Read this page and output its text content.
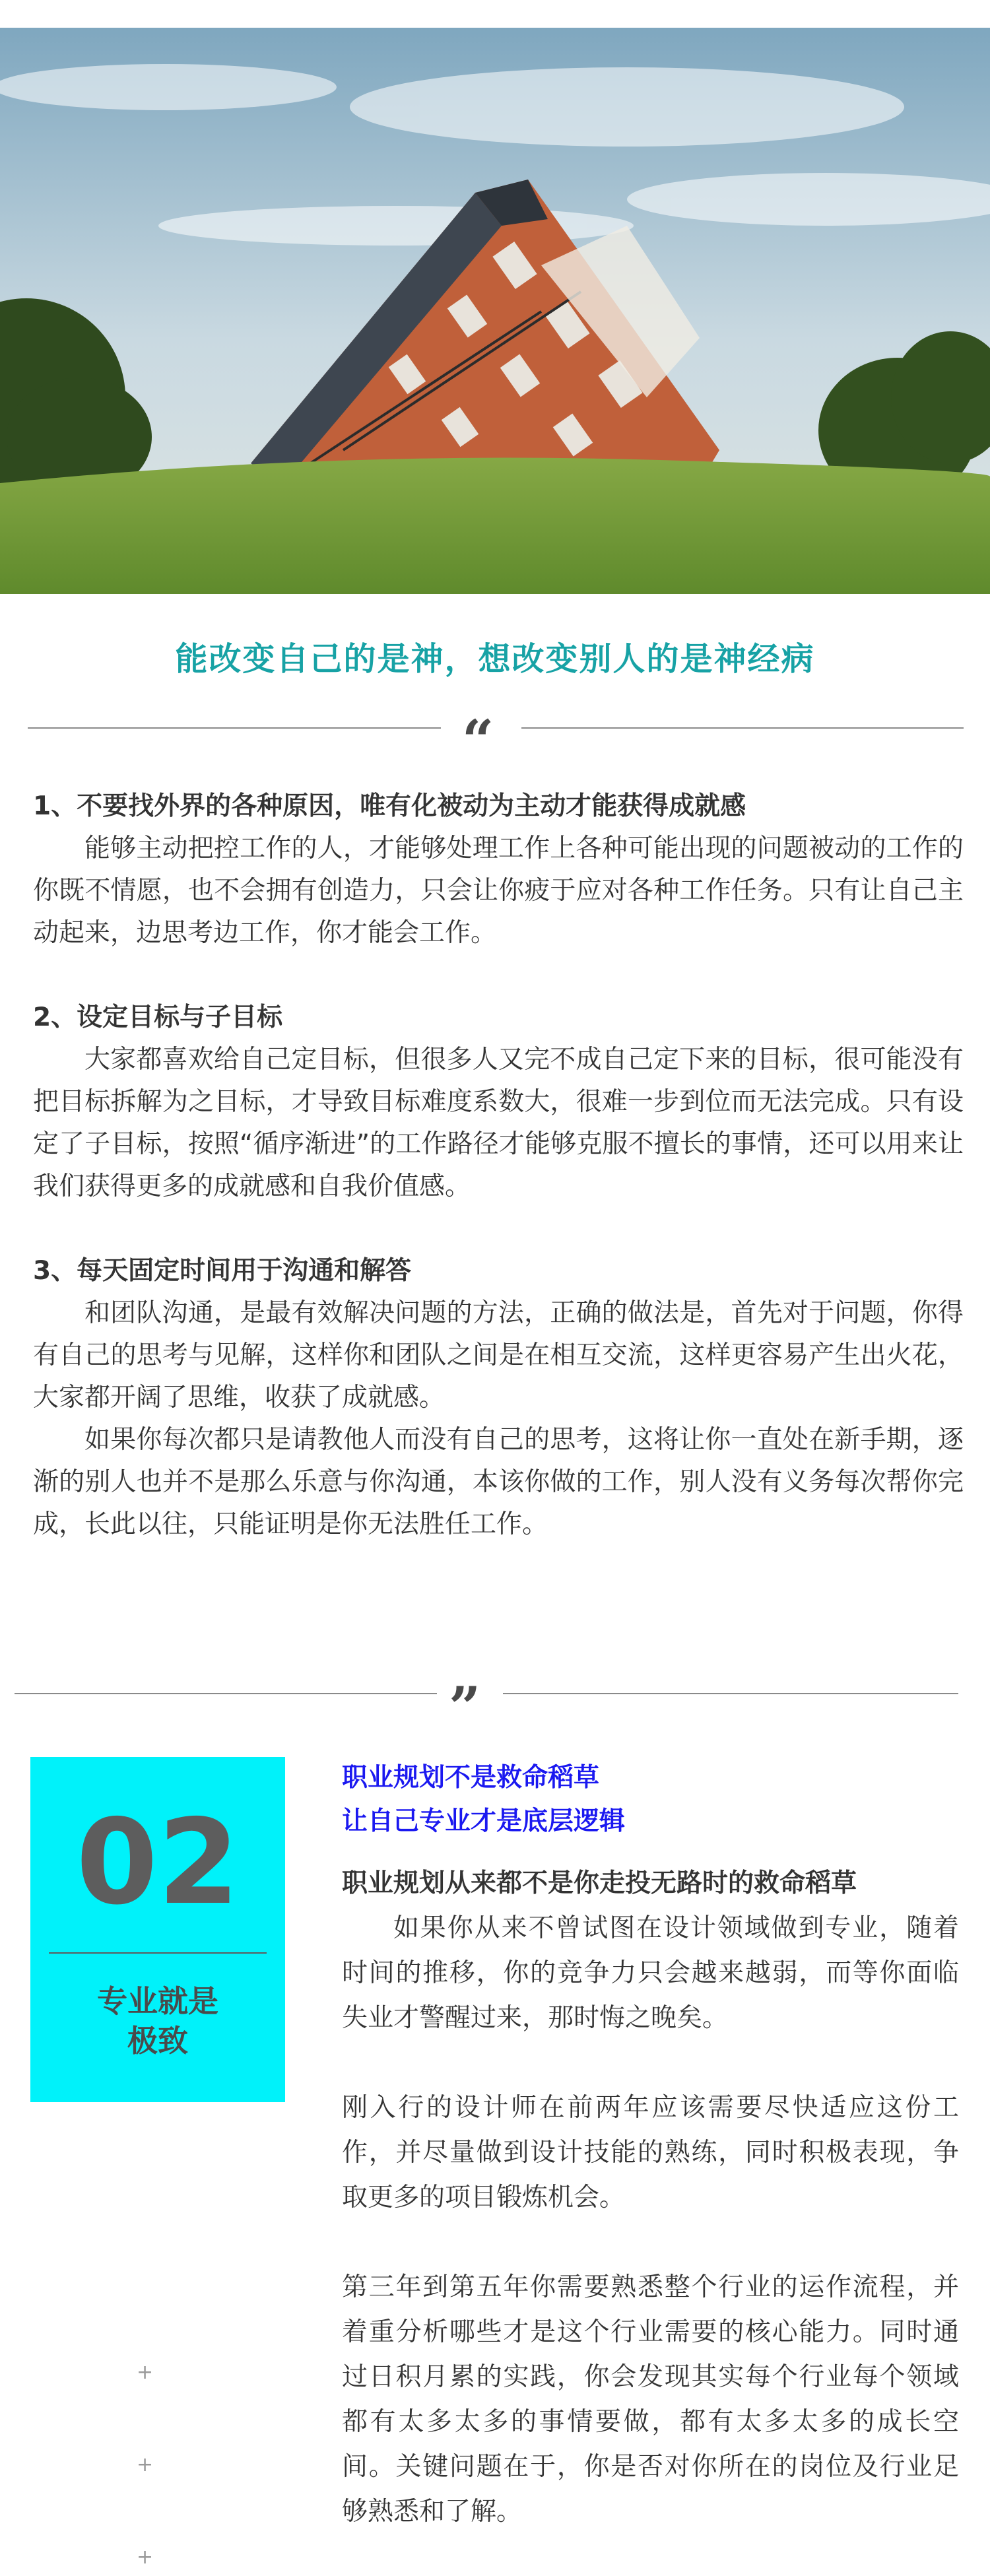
能改变自己的是神，想改变别人的是神经病
“

1、不要找外界的各种原因，唯有化被动为主动才能获得成就感

能够主动把控工作的人，才能够处理工作上各种可能出现的问题被动的工作的你既不情愿，也不会拥有创造力，只会让你疲于应对各种工作任务。只有让自己主动起来，边思考边工作，你才能会工作。

2、设定目标与子目标

大家都喜欢给自己定目标，但很多人又完不成自己定下来的目标，很可能没有把目标拆解为之目标，才导致目标难度系数大，很难一步到位而无法完成。只有设定了子目标，按照“循序渐进”的工作路径才能够克服不擅长的事情，还可以用来让我们获得更多的成就感和自我价值感。

3、每天固定时间用于沟通和解答

和团队沟通，是最有效解决问题的方法，正确的做法是，首先对于问题，你得有自己的思考与见解，这样你和团队之间是在相互交流，这样更容易产生出火花，大家都开阔了思维，收获了成就感。

如果你每次都只是请教他人而没有自己的思考，这将让你一直处在新手期，逐渐的别人也并不是那么乐意与你沟通，本该你做的工作，别人没有义务每次帮你完成，长此以往，只能证明是你无法胜任工作。

”
02
专业就是
极致
职业规划不是救命稻草
让自己专业才是底层逻辑

职业规划从来都不是你走投无路时的救命稻草

如果你从来不曾试图在设计领域做到专业，随着时间的推移，你的竞争力只会越来越弱，而等你面临失业才警醒过来，那时悔之晚矣。

刚入行的设计师在前两年应该需要尽快适应这份工作，并尽量做到设计技能的熟练，同时积极表现，争取更多的项目锻炼机会。

第三年到第五年你需要熟悉整个行业的运作流程，并着重分析哪些才是这个行业需要的核心能力。同时通过日积月累的实践，你会发现其实每个行业每个领域都有太多太多的事情要做，都有太多太多的成长空间。关键问题在于，你是否对你所在的岗位及行业足够熟悉和了解。

+
+
+
